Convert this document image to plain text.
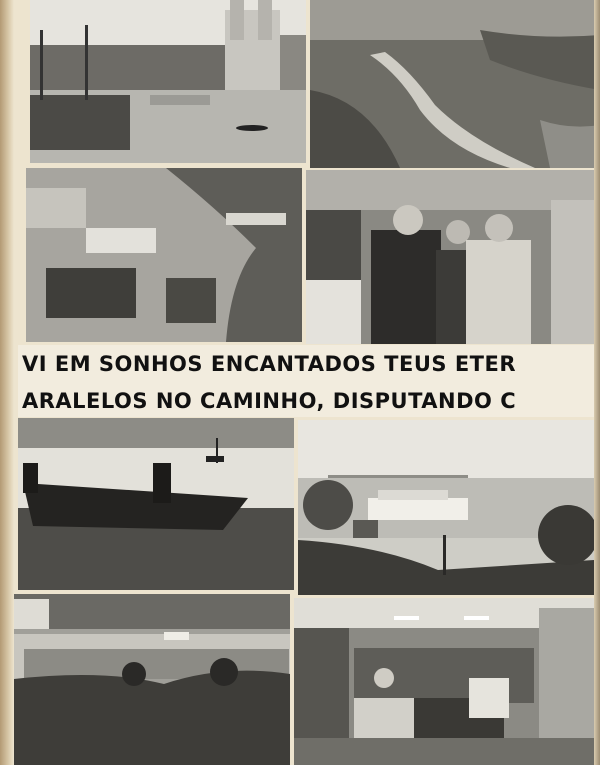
VI EM SONHOS ENCANTADOS TEUS ETER
ARALELOS NO CAMINHO, DISPUTANDO C
